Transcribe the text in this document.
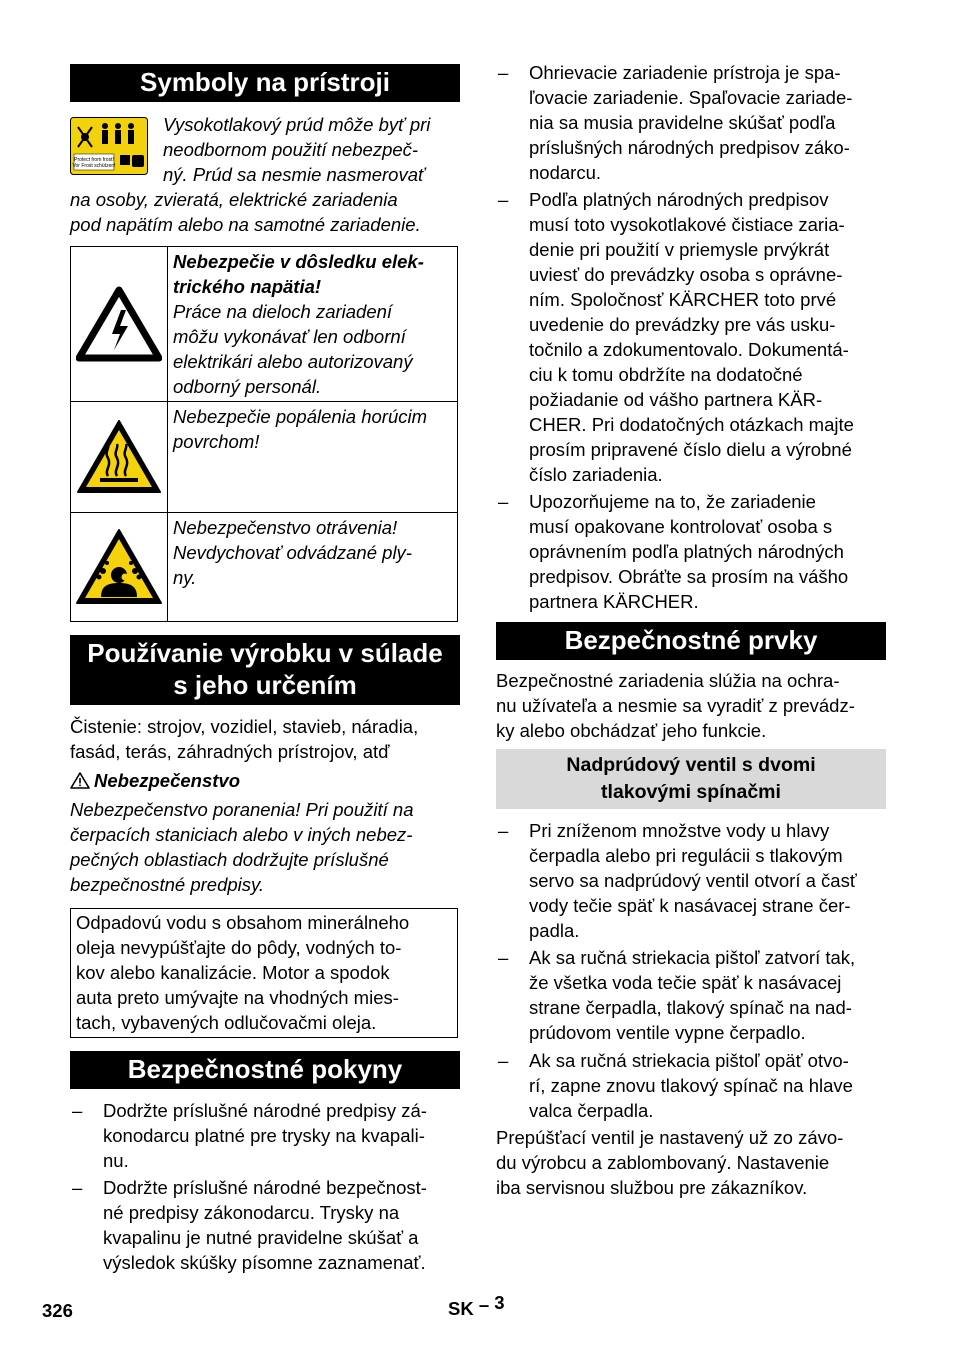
Symboly na prístroji
Protect from frost!
Vor Frost schützen!
Vysokotlakový prúd môže byť pri
neodbornom použití nebezpeč-
ný. Prúd sa nesmie nasmerovať
na osoby, zvieratá, elektrické zariadenia
pod napätím alebo na samotné zariadenie.
Nebezpečie v dôsledku elek-
trického napätia!
Práce na dieloch zariadení
môžu vykonávať len odborní
elektrikári alebo autorizovaný
odborný personál.
Nebezpečie popálenia horúcim
povrchom!
Nebezpečenstvo otrávenia!
Nevdychovať odvádzané ply-
ny.
Používanie výrobku v súlade
s jeho určením
Čistenie: strojov, vozidiel, stavieb, náradia,
fasád, terás, záhradných prístrojov, atď
Nebezpečenstvo
Nebezpečenstvo poranenia! Pri použití na
čerpacích staniciach alebo v iných nebez-
pečných oblastiach dodržujte príslušné
bezpečnostné predpisy.
Odpadovú vodu s obsahom minerálneho
oleja nevypúšťajte do pôdy, vodných to-
kov alebo kanalizácie. Motor a spodok
auta preto umývajte na vhodných mies-
tach, vybavených odlučovačmi oleja.
Bezpečnostné pokyny
– Dodržte príslušné národné predpisy zá-
konodarcu platné pre trysky na kvapali-
nu.
– Dodržte príslušné národné bezpečnost-
né predpisy zákonodarcu. Trysky na
kvapalinu je nutné pravidelne skúšať a
výsledok skúšky písomne zaznamenať.
– Ohrievacie zariadenie prístroja je spa-
ľovacie zariadenie. Spaľovacie zariade-
nia sa musia pravidelne skúšať podľa
príslušných národných predpisov záko-
nodarcu.
– Podľa platných národných predpisov
musí toto vysokotlakové čistiace zaria-
denie pri použití v priemysle prvýkrát
uviesť do prevádzky osoba s oprávne-
ním. Spoločnosť KÄRCHER toto prvé
uvedenie do prevádzky pre vás usku-
točnilo a zdokumentovalo. Dokumentá-
ciu k tomu obdržíte na dodatočné
požiadanie od vášho partnera KÄR-
CHER. Pri dodatočných otázkach majte
prosím pripravené číslo dielu a výrobné
číslo zariadenia.
– Upozorňujeme na to, že zariadenie
musí opakovane kontrolovať osoba s
oprávnením podľa platných národných
predpisov. Obráťte sa prosím na vášho
partnera KÄRCHER.
Bezpečnostné prvky
Bezpečnostné zariadenia slúžia na ochra-
nu užívateľa a nesmie sa vyradiť z prevádz-
ky alebo obchádzať jeho funkcie.
Nadprúdový ventil s dvomi
tlakovými spínačmi
– Pri zníženom množstve vody u hlavy
čerpadla alebo pri regulácii s tlakovým
servo sa nadprúdový ventil otvorí a časť
vody tečie späť k nasávacej strane čer-
padla.
– Ak sa ručná striekacia pištoľ zatvorí tak,
že všetka voda tečie späť k nasávacej
strane čerpadla, tlakový spínač na nad-
prúdovom ventile vypne čerpadlo.
– Ak sa ručná striekacia pištoľ opäť otvo-
rí, zapne znovu tlakový spínač na hlave
valca čerpadla.
Prepúšťací ventil je nastavený už zo závo-
du výrobcu a zablombovaný. Nastavenie
iba servisnou službou pre zákazníkov.
326	SK – 3
